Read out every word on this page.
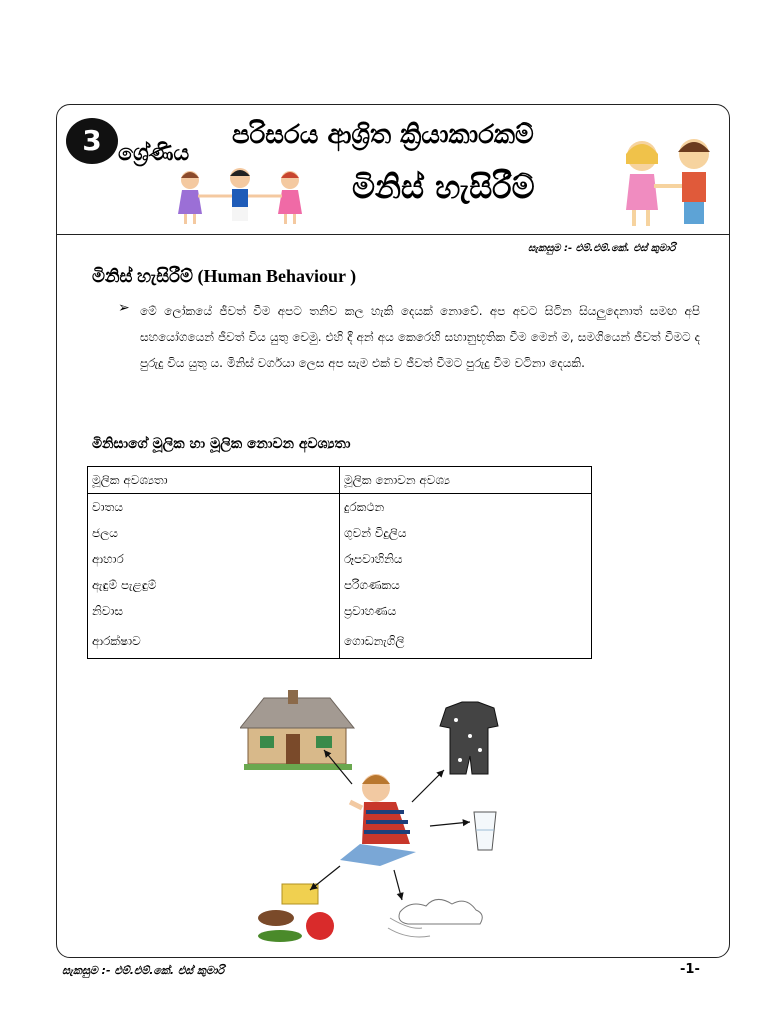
3 ශ්‍රේණිය
පරිසරය ආශ්‍රිත ක්‍රියාකාරකම්
මිනිස් හැසිරීම්
සැකසුම :- එම්.එම්.කේ. එස් කුමාරි
මිනිස් හැසිරීම් (Human Behaviour )
➢ මේ ලෝකයේ ජීවත් වීම අපට තනිව කල හැකි දෙයක් නොවේ. අප අවට සිටින සියලුදෙනාත් සමඟ අපි සහයෝගයෙන් ජීවත් විය යුතු වෙමු. එහි දී අන් අය කෙරෙහි සහානුභූතික වීම මෙන් ම, සමගියෙන් ජීවත් වීමට ද පුරුදු විය යුතු ය. මිනිස් වර්ගයා ලෙස අප සැම එක් ව ජීවත් වීමට පුරුදු වීම වටිනා දෙයකි.
මිනිසාගේ මූලික හා මූලික නොවන අවශ්‍යතා
මූලික අවශ්‍යතා	මූලික නොවන අවශ්‍ය
වාතය	දුරකථන
ජලය	ගුවන් විදුලිය
ආහාර	රූපවාහිනිය
ඇඳුම් පැළඳුම්	පරිගණකය
නිවාස	ප්‍රවාහණය
ආරක්ෂාව	ගොඩනැගිලි
සැකසුම :- එම්.එම්.කේ. එස් කුමාරි	-1-
